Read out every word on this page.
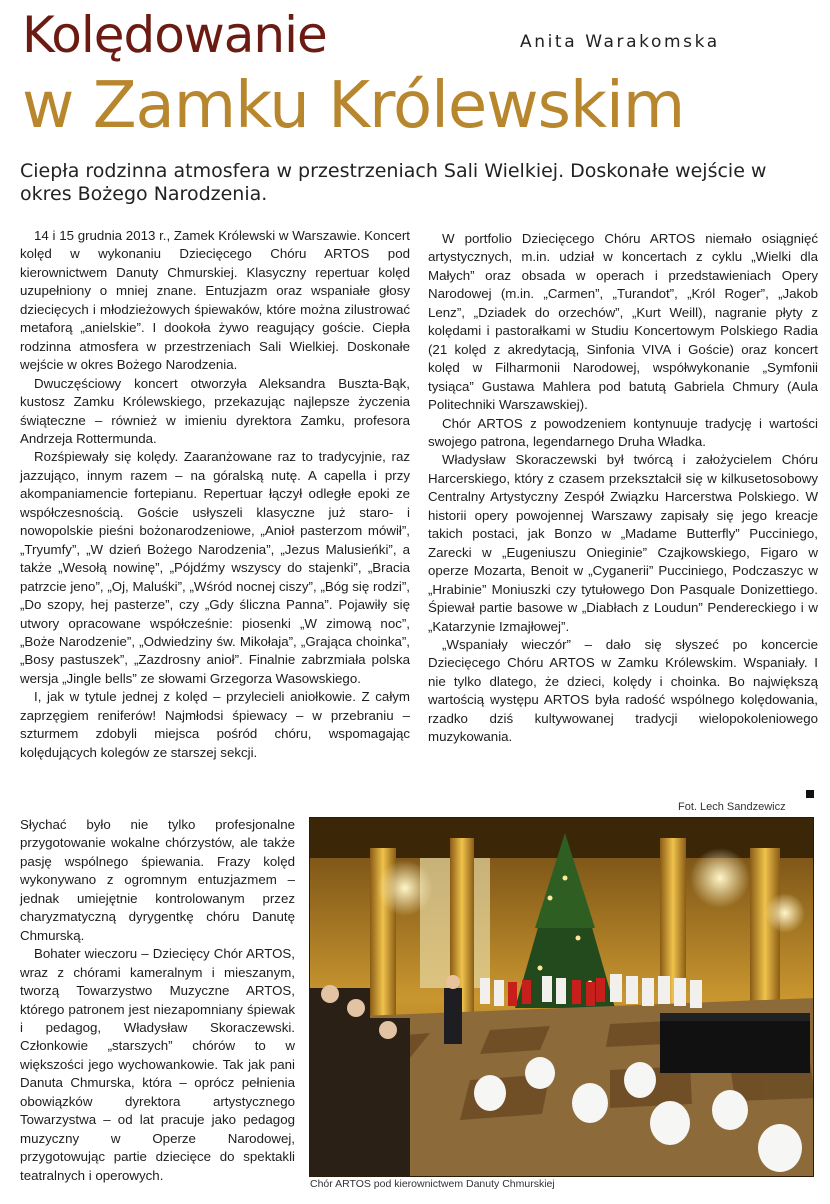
Kolędowanie	Anita Warakomska
w Zamku Królewskim

Ciepła rodzinna atmosfera w przestrzeniach Sali Wielkiej. Doskonałe wejście w okres Bożego Narodzenia.

14 i 15 grudnia 2013 r., Zamek Królewski w Warszawie. Koncert kolęd w wykonaniu Dziecięcego Chóru ARTOS pod kierownictwem Danuty Chmurskiej. Klasyczny repertuar kolęd uzupełniony o mniej znane. Entuzjazm oraz wspaniałe głosy dziecięcych i młodzieżowych śpiewaków, które można zilustrować metaforą „anielskie”. I dookoła żywo reagujący goście. Ciepła rodzinna atmosfera w przestrzeniach Sali Wielkiej. Doskonałe wejście w okres Bożego Narodzenia.

Dwuczęściowy koncert otworzyła Aleksandra Buszta-Bąk, kustosz Zamku Królewskiego, przekazując najlepsze życzenia świąteczne – również w imieniu dyrektora Zamku, profesora Andrzeja Rottermunda.

Rozśpiewały się kolędy. Zaaranżowane raz to tradycyjnie, raz jazzująco, innym razem – na góralską nutę. A capella i przy akompaniamencie fortepianu. Repertuar łączył odległe epoki ze współczesnością. Goście usłyszeli klasyczne już staro- i nowopolskie pieśni bożonarodzeniowe, „Anioł pasterzom mówił”, „Tryumfy”, „W dzień Bożego Narodzenia”, „Jezus Malusieńki”, a także „Wesołą nowinę”, „Pójdźmy wszyscy do stajenki”, „Bracia patrzcie jeno”, „Oj, Maluśki”, „Wśród nocnej ciszy”, „Bóg się rodzi”, „Do szopy, hej pasterze”, czy „Gdy śliczna Panna”. Pojawiły się utwory opracowane współcześnie: piosenki „W zimową noc”, „Boże Narodzenie”, „Odwiedziny św. Mikołaja”, „Grająca choinka”, „Bosy pastuszek”, „Zazdrosny anioł”. Finalnie zabrzmiała polska wersja „Jingle bells” ze słowami Grzegorza Wasowskiego.

I, jak w tytule jednej z kolęd – przylecieli aniołkowie. Z całym zaprzęgiem reniferów! Najmłodsi śpiewacy – w przebraniu – szturmem zdobyli miejsca pośród chóru, wspomagając kolędujących kolegów ze starszej sekcji.

Słychać było nie tylko profesjonalne przygotowanie wokalne chórzystów, ale także pasję wspólnego śpiewania. Frazy kolęd wykonywano z ogromnym entuzjazmem – jednak umiejętnie kontrolowanym przez charyzmatyczną dyrygentkę chóru Danutę Chmurską.

Bohater wieczoru – Dziecięcy Chór ARTOS, wraz z chórami kameralnym i mieszanym, tworzą Towarzystwo Muzyczne ARTOS, którego patronem jest niezapomniany śpiewak i pedagog, Władysław Skoraczewski. Członkowie „starszych” chórów to w większości jego wychowankowie. Tak jak pani Danuta Chmurska, która – oprócz pełnienia obowiązków dyrektora artystycznego Towarzystwa – od lat pracuje jako pedagog muzyczny w Operze Narodowej, przygotowując partie dziecięce do spektakli teatralnych i operowych.

W portfolio Dziecięcego Chóru ARTOS niemało osiągnięć artystycznych, m.in. udział w koncertach z cyklu „Wielki dla Małych” oraz obsada w operach i przedstawieniach Opery Narodowej (m.in. „Carmen”, „Turandot”, „Król Roger”, „Jakob Lenz”, „Dziadek do orzechów”, „Kurt Weill), nagranie płyty z kolędami i pastorałkami w Studiu Koncertowym Polskiego Radia (21 kolęd z akredytacją, Sinfonia VIVA i Goście) oraz koncert kolęd w Filharmonii Narodowej, współwykonanie „Symfonii tysiąca” Gustawa Mahlera pod batutą Gabriela Chmury (Aula Politechniki Warszawskiej).

Chór ARTOS z powodzeniem kontynuuje tradycję i wartości swojego patrona, legendarnego Druha Władka.

Władysław Skoraczewski był twórcą i założycielem Chóru Harcerskiego, który z czasem przekształcił się w kilkusetosobowy Centralny Artystyczny Zespół Związku Harcerstwa Polskiego. W historii opery powojennej Warszawy zapisały się jego kreacje takich postaci, jak Bonzo w „Madame Butterfly” Pucciniego, Zarecki w „Eugeniuszu Onieginie” Czajkowskiego, Figaro w operze Mozarta, Benoit w „Cyganerii” Pucciniego, Podczaszyc w „Hrabinie” Moniuszki czy tytułowego Don Pasquale Donizettiego. Śpiewał partie basowe w „Diabłach z Loudun” Pendereckiego i w „Katarzynie Izmajłowej”.

„Wspaniały wieczór” – dało się słyszeć po koncercie Dziecięcego Chóru ARTOS w Zamku Królewskim. Wspaniały. I nie tylko dlatego, że dzieci, kolędy i choinka. Bo największą wartością występu ARTOS była radość wspólnego kolędowania, rzadko dziś kultywowanej tradycji wielopokoleniowego muzykowania.

Fot. Lech Sandzewicz
Chór ARTOS pod kierownictwem Danuty Chmurskiej
